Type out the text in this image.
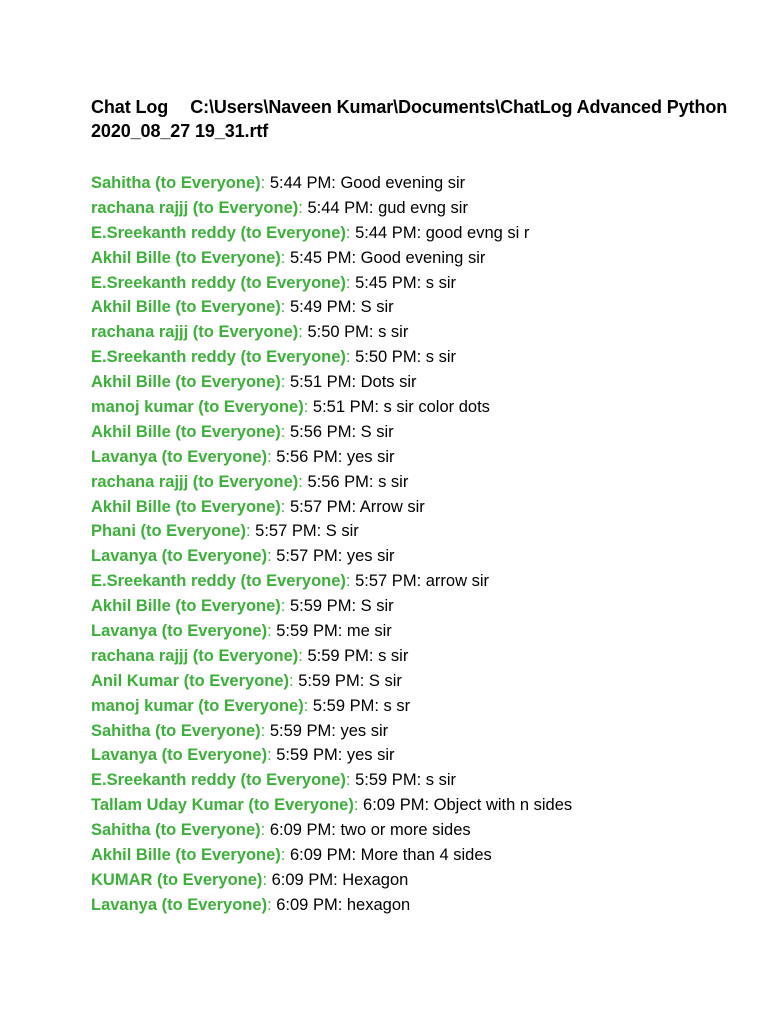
Chat Log C:\Users\Naveen Kumar\Documents\ChatLog Advanced Python 2020_08_27 19_31.rtf
Sahitha (to Everyone): 5:44 PM: Good evening sir
rachana rajjj (to Everyone): 5:44 PM: gud evng sir
E.Sreekanth reddy (to Everyone): 5:44 PM: good evng si r
Akhil Bille (to Everyone): 5:45 PM: Good evening sir
E.Sreekanth reddy (to Everyone): 5:45 PM: s sir
Akhil Bille (to Everyone): 5:49 PM: S sir
rachana rajjj (to Everyone): 5:50 PM: s sir
E.Sreekanth reddy (to Everyone): 5:50 PM: s sir
Akhil Bille (to Everyone): 5:51 PM: Dots sir
manoj kumar (to Everyone): 5:51 PM: s sir color dots
Akhil Bille (to Everyone): 5:56 PM: S sir
Lavanya (to Everyone): 5:56 PM: yes sir
rachana rajjj (to Everyone): 5:56 PM: s sir
Akhil Bille (to Everyone): 5:57 PM: Arrow sir
Phani (to Everyone): 5:57 PM: S sir
Lavanya (to Everyone): 5:57 PM: yes sir
E.Sreekanth reddy (to Everyone): 5:57 PM: arrow sir
Akhil Bille (to Everyone): 5:59 PM: S sir
Lavanya (to Everyone): 5:59 PM: me sir
rachana rajjj (to Everyone): 5:59 PM: s sir
Anil Kumar (to Everyone): 5:59 PM: S sir
manoj kumar (to Everyone): 5:59 PM: s sr
Sahitha (to Everyone): 5:59 PM: yes sir
Lavanya (to Everyone): 5:59 PM: yes sir
E.Sreekanth reddy (to Everyone): 5:59 PM: s sir
Tallam Uday Kumar (to Everyone): 6:09 PM: Object with n sides
Sahitha (to Everyone): 6:09 PM: two or more sides
Akhil Bille (to Everyone): 6:09 PM: More than 4 sides
KUMAR (to Everyone): 6:09 PM: Hexagon
Lavanya (to Everyone): 6:09 PM: hexagon
